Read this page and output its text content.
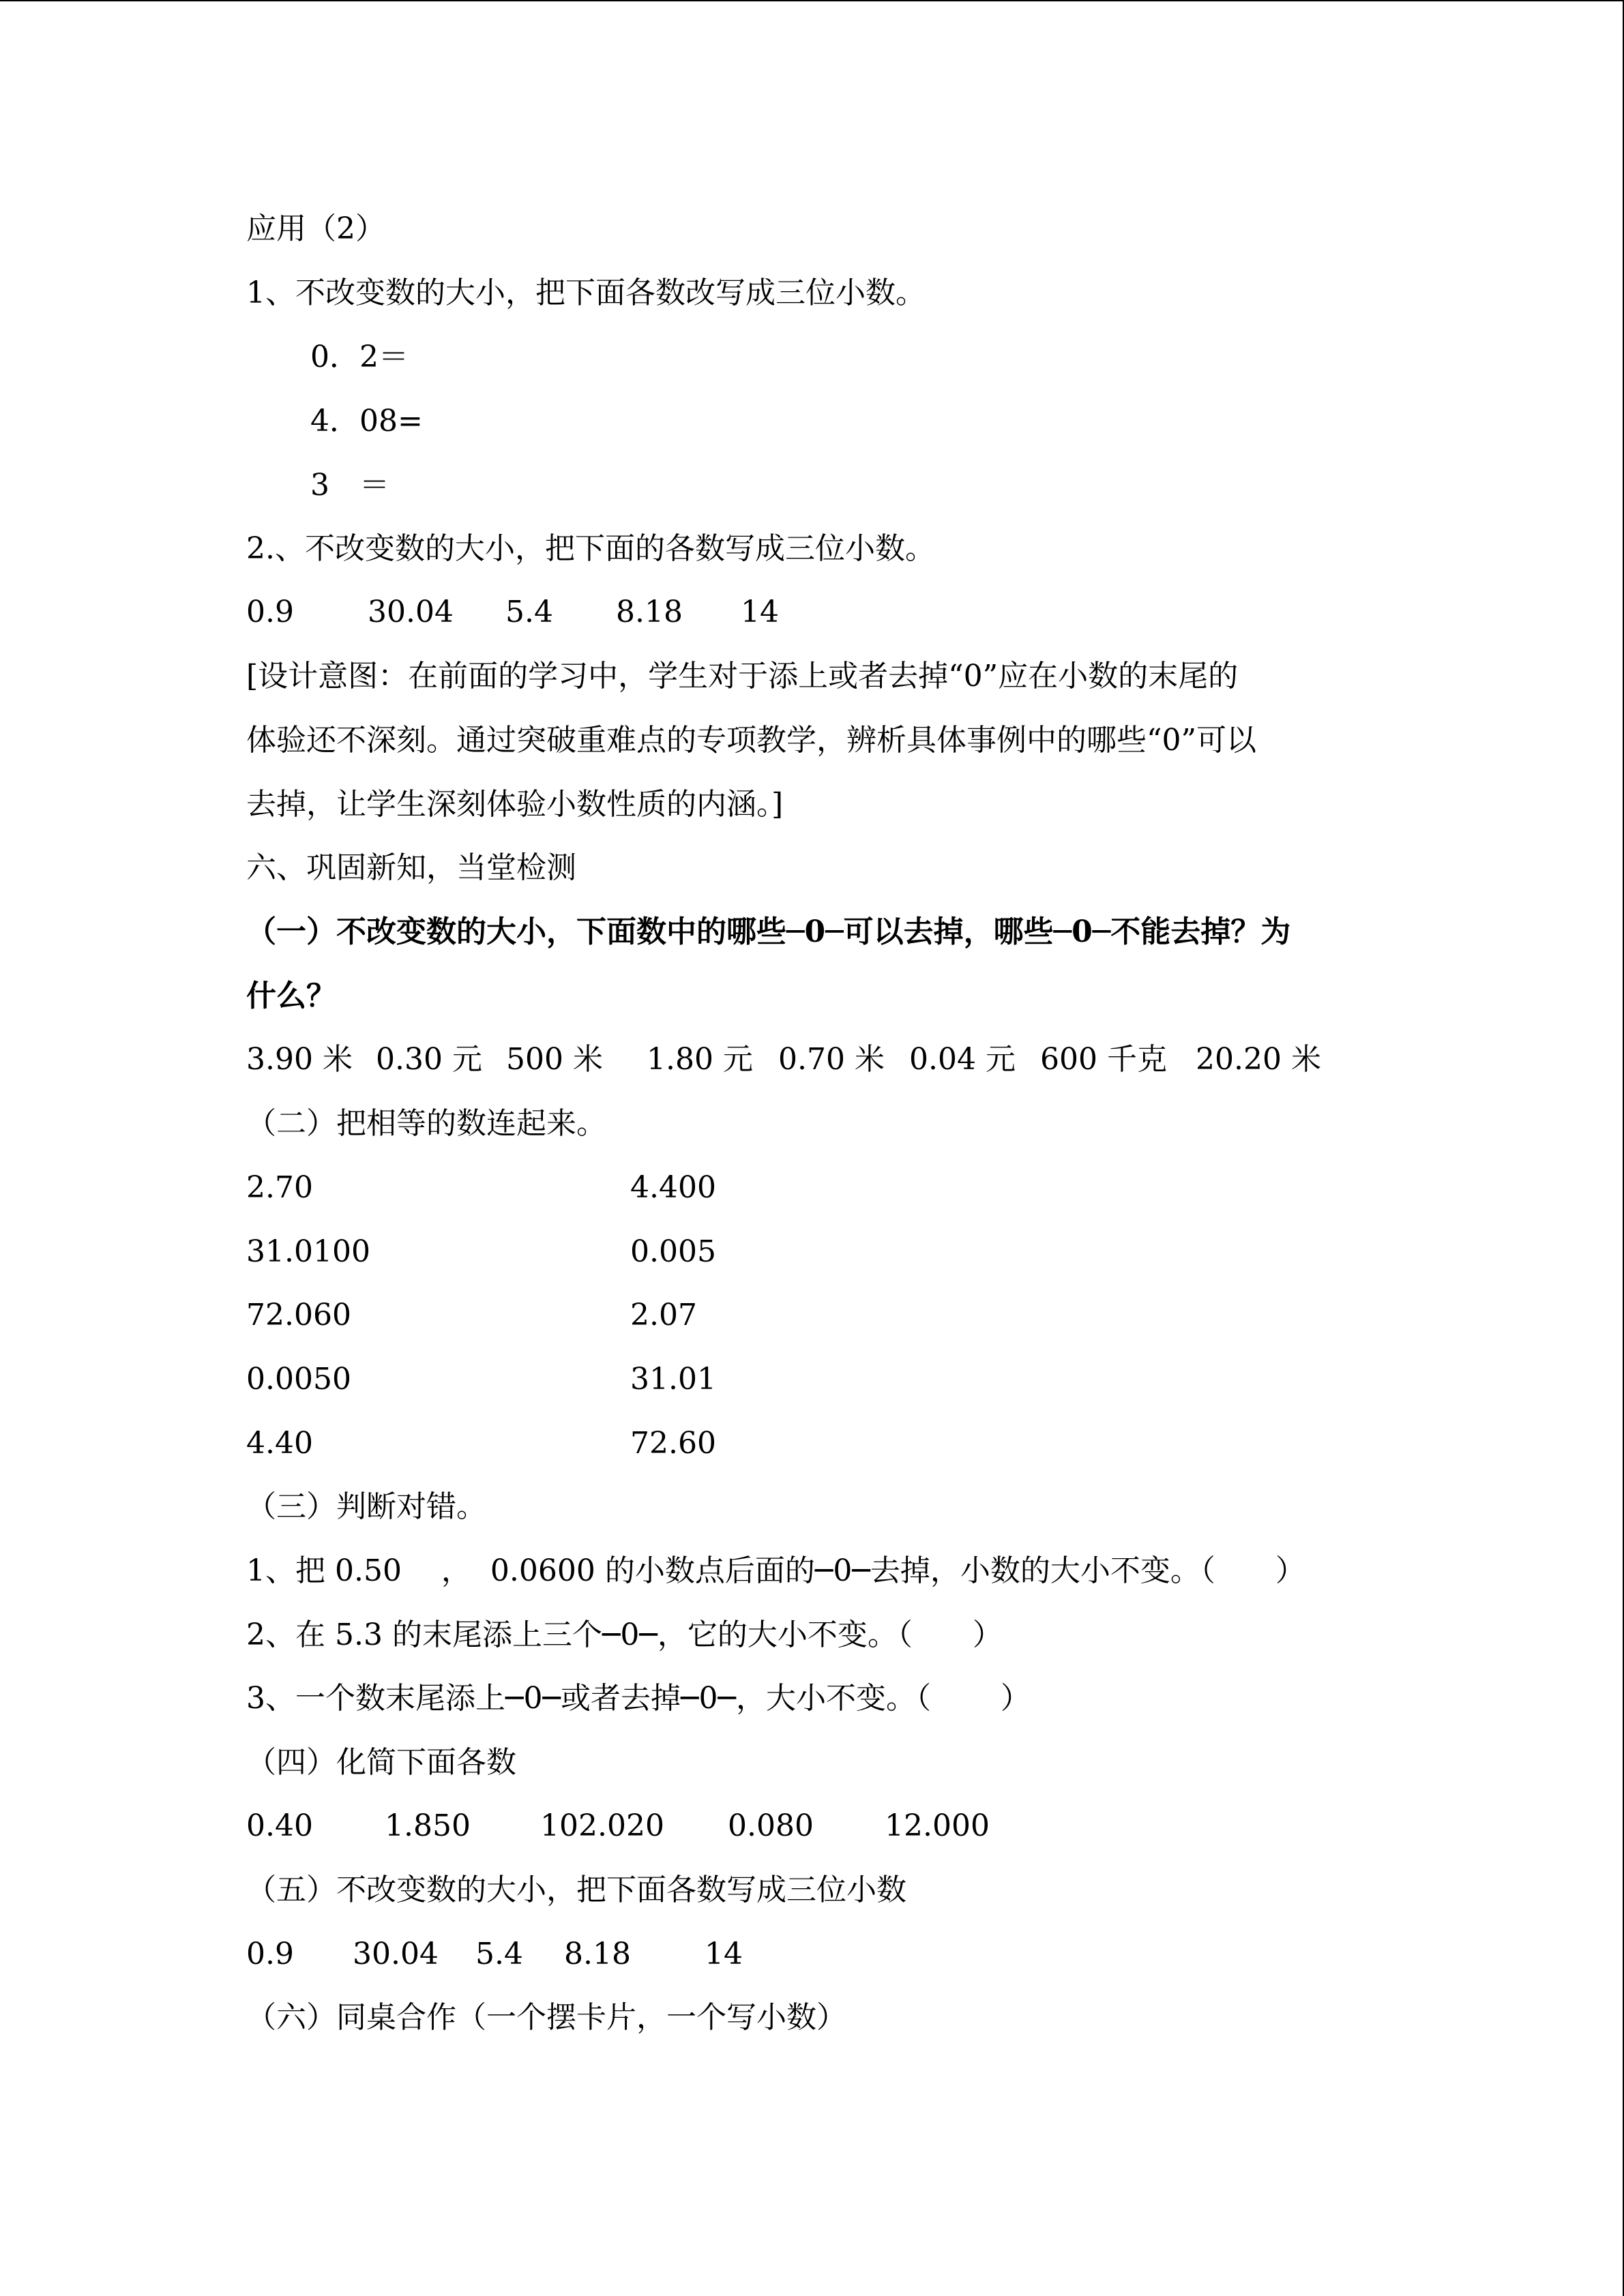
应用（2）
1、不改变数的大小，把下面各数改写成三位小数。
0．2＝
4．08=
3　＝
2.、不改变数的大小，把下面的各数写成三位小数。

0.9

30.04

5.4

8.18

14

[设计意图：在前面的学习中，学生对于添上或者去掉“0”应在小数的末尾的
体验还不深刻。通过突破重难点的专项教学，辨析具体事例中的哪些“0”可以
去掉，让学生深刻体验小数性质的内涵。]
六、巩固新知，当堂检测
（一）不改变数的大小，下面数中的哪些─0─可以去掉，哪些─0─不能去掉？为
什么？

3.90 米

0.30 元

500 米

1.80 元

0.70 米

0.04 元

600 千克

20.20 米

（二）把相等的数连起来。

2.70

	4.400

31.0100

	0.005

72.060

	2.07

0.0050

	31.01

4.40

	72.60

（三）判断对错。
1、把 0.50　 ，  0.0600 的小数点后面的─0─去掉，小数的大小不变。（　　）
2、在 5.3 的末尾添上三个─0─，它的大小不变。（　　）
3、一个数末尾添上─0─或者去掉─0─，大小不变。（　　 ）
（四）化简下面各数

0.40

1.850

102.020

0.080

12.000

（五）不改变数的大小，把下面各数写成三位小数

0.9

30.04

5.4

8.18

14

（六）同桌合作（一个摆卡片，一个写小数）
